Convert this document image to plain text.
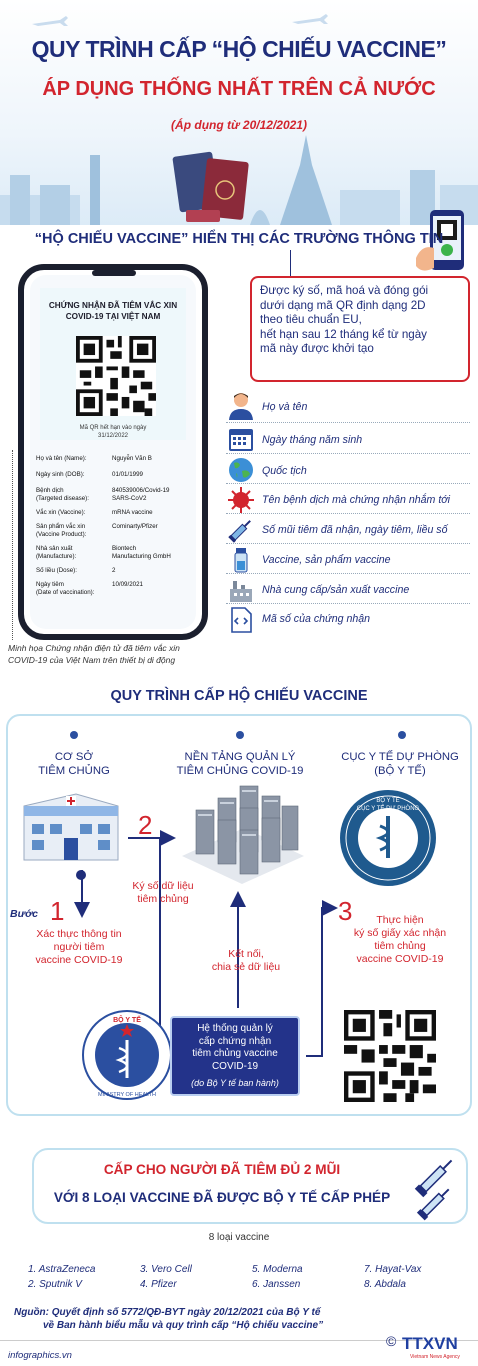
QUY TRÌNH CẤP “HỘ CHIẾU VACCINE”
ÁP DỤNG THỐNG NHẤT TRÊN CẢ NƯỚC
(Áp dụng từ 20/12/2021)
“HỘ CHIẾU VACCINE” HIỂN THỊ CÁC TRƯỜNG THÔNG TIN
CHỨNG NHẬN ĐÃ TIÊM VẮC XIN
COVID-19 TẠI VIỆT NAM
Mã QR hết hạn vào ngày
31/12/2022
Họ và tên (Name):	Nguyễn Văn B
Ngày sinh (DOB):	01/01/1999
Bệnh dịch	840539006/Covid-19
(Targeted disease):	SARS-CoV2
Vắc xin (Vaccine):	mRNA vaccine
Sản phẩm vắc xin	Cominarty/Pfizer
(Vaccine Product):
Nhà sản xuất	Biontech
(Manufacture):	Manufacturing GmbH
Số liều (Dose):	2
Ngày tiêm	10/09/2021
(Date of vaccination):
Minh họa Chứng nhận điện tử đã tiêm vắc xin
COVID-19 của Việt Nam trên thiết bị di động

Được ký số, mã hoá và đóng gói

dưới dạng mã QR định dạng 2D

theo tiêu chuẩn EU,

hết hạn sau 12 tháng kể từ ngày

mã này được khởi tạo

Họ và tên
Ngày tháng năm sinh
Quốc tịch
Tên bệnh dịch mà chứng nhận nhắm tới
Số mũi tiêm đã nhận, ngày tiêm, liều số
Vaccine, sản phẩm vaccine
Nhà cung cấp/sản xuất vaccine
Mã số của chứng nhận
QUY TRÌNH CẤP HỘ CHIẾU VACCINE
CƠ SỞ
TIÊM CHỦNG
NỀN TẢNG QUẢN LÝ
TIÊM CHỦNG COVID-19
CỤC Y TẾ DỰ PHÒNG
(BỘ Y TẾ)
BỘ Y TẾ
CỤC Y TẾ DỰ PHÒNG
2
Ký số dữ liệu
tiêm chủng
Bước 1
Xác thực thông tin
người tiêm
vaccine COVID-19	Kết nối,
chia sẻ dữ liệu
3	Thực hiện
ký số giấy xác nhận
tiêm chủng
vaccine COVID-19
BỘ Y TẾ
MINISTRY OF HEALTH

Hệ thống quản lý

cấp chứng nhận

tiêm chủng vaccine

COVID-19

(do Bộ Y tế ban hành)
CẤP CHO NGƯỜI ĐÃ TIÊM ĐỦ 2 MŨI
VỚI 8 LOẠI VACCINE ĐÃ ĐƯỢC BỘ Y TẾ CẤP PHÉP
8 loại vaccine
1. AstraZeneca	3. Vero Cell	5. Moderna	7. Hayat-Vax
2. Sputnik V	4. Pfizer	6. Janssen	8. Abdala
Nguồn: Quyết định số 5772/QĐ-BYT ngày 20/12/2021 của Bộ Y tế
về Ban hành biểu mẫu và quy trình cấp “Hộ chiếu vaccine”
infographics.vn
© TTXVN
Vietnam News Agency
